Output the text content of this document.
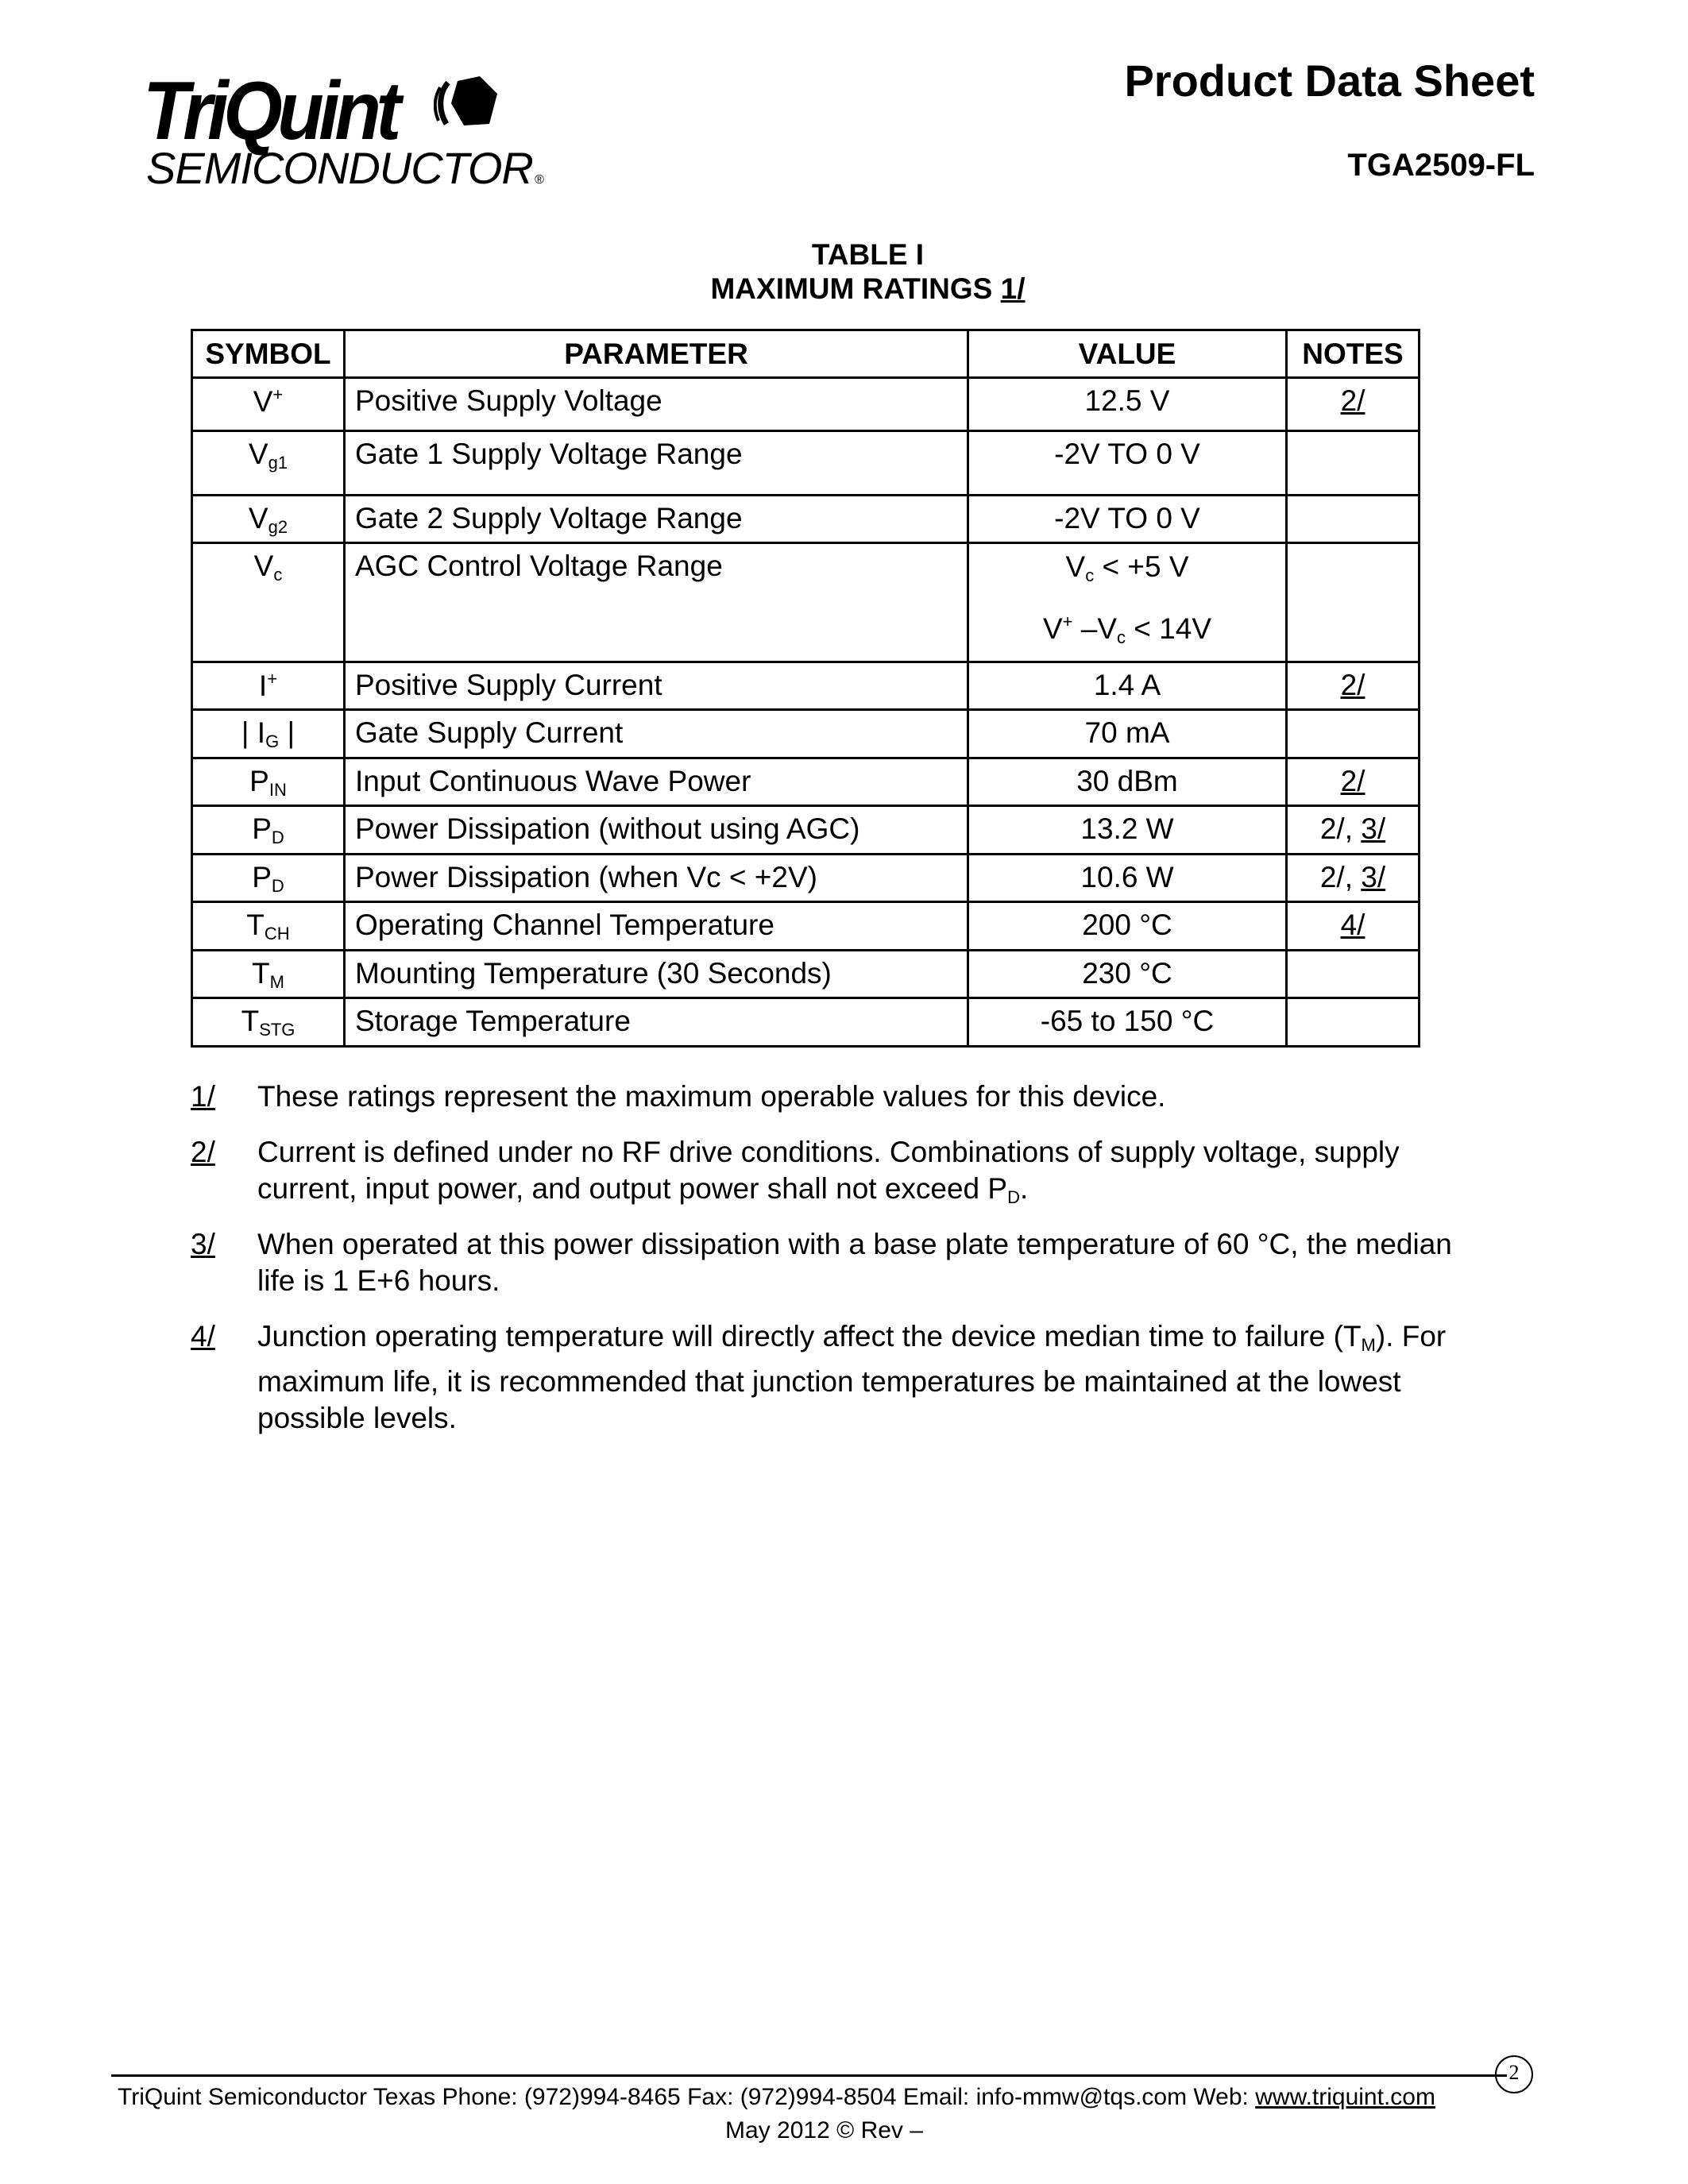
TriQuint
SEMICONDUCTOR ®
Product Data Sheet
TGA2509-FL
TABLE I
MAXIMUM RATINGS 1/
SYMBOL	PARAMETER	VALUE	NOTES

V+	Positive Supply Voltage	12.5 V	2/

$V_{g1}$	Gate 1 Supply Voltage Range	-2V TO 0 V	

$V_{g2}$	Gate 2 Supply Voltage Range	-2V TO 0 V	

$V_c$	AGC Control Voltage Range	$V_c < +5$ V
V+ $-V_c < 14V$	

I+	Positive Supply Current	1.4 A	2/

| $I_G$ |	Gate Supply Current	70 mA	

$P_{IN}$	Input Continuous Wave Power	30 dBm	2/

$P_D$	Power Dissipation (without using AGC)	13.2 W	2/, 3/

$P_D$	Power Dissipation (when Vc < +2V)	10.6 W	2/, 3/

$T_{CH}$	Operating Channel Temperature	200 °C	4/

$T_M$	Mounting Temperature (30 Seconds)	230 °C	

$T_{STG}$	Storage Temperature	-65 to 150 °C	

1/ These ratings represent the maximum operable values for this device.
2/ Current is defined under no RF drive conditions. Combinations of supply voltage, supply current, input power, and output power shall not exceed $P_D$.
3/ When operated at this power dissipation with a base plate temperature of 60 °C, the median life is 1 E+6 hours.
4/ Junction operating temperature will directly affect the device median time to failure $(T_M)$. For maximum life, it is recommended that junction temperatures be maintained at the lowest possible levels.
TriQuint Semiconductor Texas Phone: (972)994-8465 Fax: (972)994-8504 Email: info-mmw@tqs.com Web: www.triquint.com
2
May 2012 © Rev –
